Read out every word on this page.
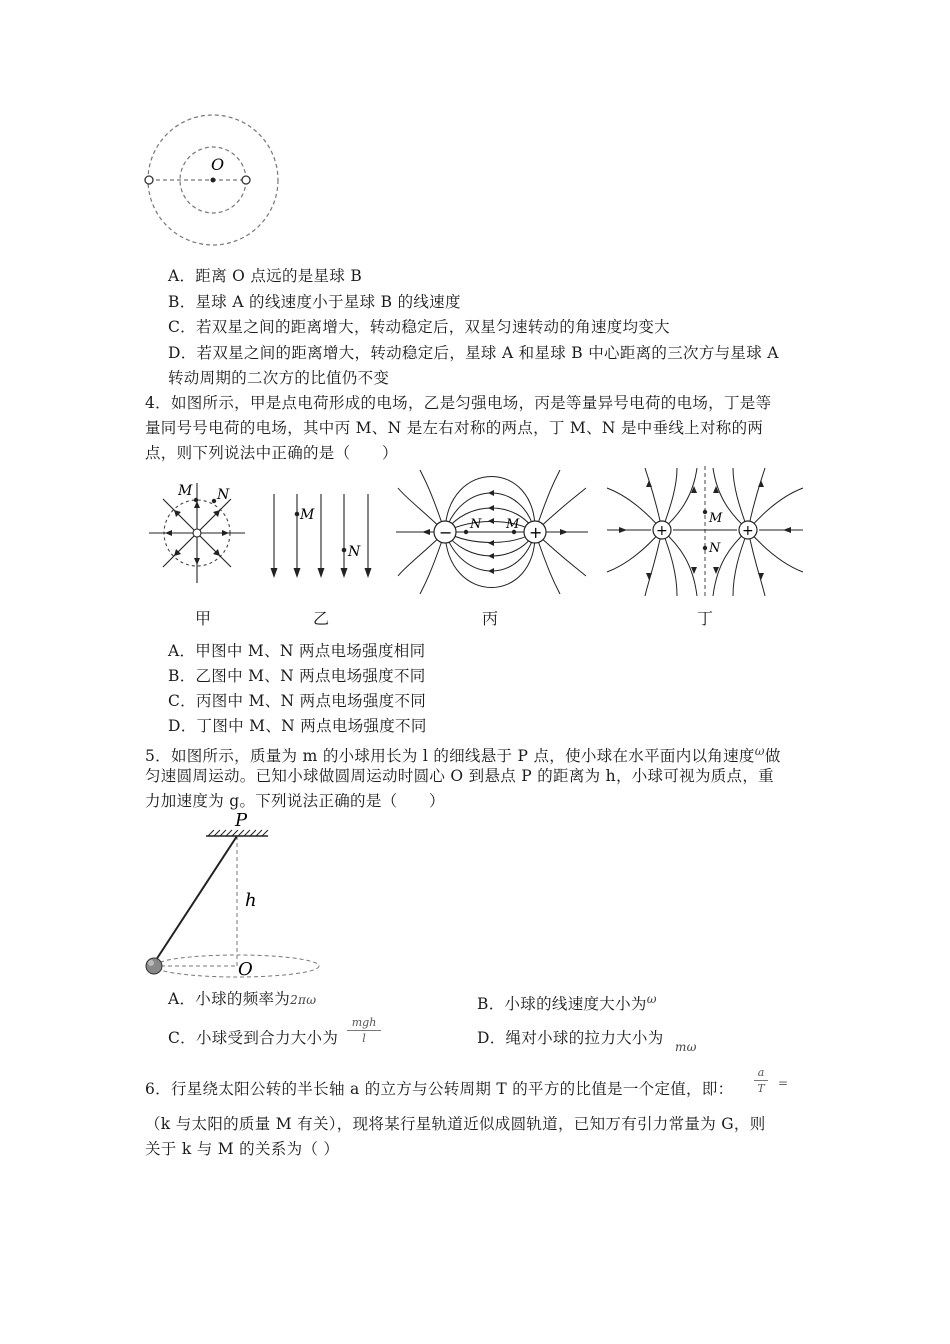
O
A．距离 O 点远的是星球 B
B．星球 A 的线速度小于星球 B 的线速度
C．若双星之间的距离增大，转动稳定后，双星匀速转动的角速度均变大
D．若双星之间的距离增大，转动稳定后，星球 A 和星球 B 中心距离的三次方与星球 A
转动周期的二次方的比值仍不变
4．如图所示，甲是点电荷形成的电场，乙是匀强电场，丙是等量异号电荷的电场，丁是等
量同号号电荷的电场，其中丙 M、N 是左右对称的两点，丁 M、N 是中垂线上对称的两
点，则下列说法中正确的是（　　）
M N
M
N
−	+
N M	+	+
M
N
甲	乙	丙	丁
A．甲图中 M、N 两点电场强度相同
B．乙图中 M、N 两点电场强度不同
C．丙图中 M、N 两点电场强度不同
D．丁图中 M、N 两点电场强度不同
5．如图所示，质量为 m 的小球用长为 l 的细线悬于 P 点，使小球在水平面内以角速度$^\omega$做
匀速圆周运动。已知小球做圆周运动时圆心 O 到悬点 P 的距离为 h，小球可视为质点，重
力加速度为 g。下列说法正确的是（　　）
P
h
O
A．小球的频率为2πω	B．小球的线速度大小为$^\omega$
C．小球受到合力大小为
mgh
l	D．绳对小球的拉力大小为 mω
6．行星绕太阳公转的半长轴 a 的立方与公转周期 T 的平方的比值是一个定值，即：
a
T =
（k 与太阳的质量 M 有关），现将某行星轨道近似成圆轨道，已知万有引力常量为 G，则
关于 k 与 M 的关系为（ ）
